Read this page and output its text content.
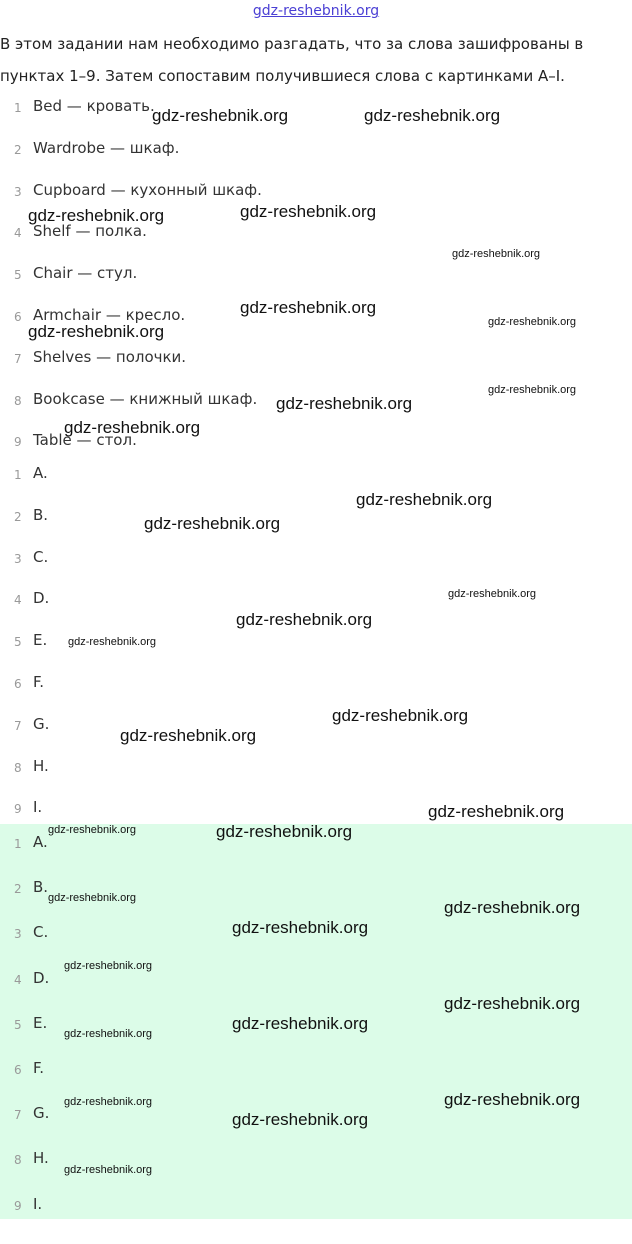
gdz-reshebnik.org
В этом задании нам необходимо разгадать, что за слова зашифрованы в пунктах 1–9. Затем сопоставим получившиеся слова с картинками A–I.
1 Bed — кровать.
2 Wardrobe — шкаф.
3 Cupboard — кухонный шкаф.
4 Shelf — полка.
5 Chair — стул.
6 Armchair — кресло.
7 Shelves — полочки.
8 Bookcase — книжный шкаф.
9 Table — стол.
1 A.
2 B.
3 C.
4 D.
5 E.
6 F.
7 G.
8 H.
9 I.
1 A.
2 B.
3 C.
4 D.
5 E.
6 F.
7 G.
8 H.
9 I.
gdz-reshebnik.org	gdz-reshebnik.org
gdz-reshebnik.org	gdz-reshebnik.org
gdz-reshebnik.org
gdz-reshebnik.org
gdz-reshebnik.org	gdz-reshebnik.org
gdz-reshebnik.org
gdz-reshebnik.org
gdz-reshebnik.org
gdz-reshebnik.org
gdz-reshebnik.org
gdz-reshebnik.org
gdz-reshebnik.org
gdz-reshebnik.org
gdz-reshebnik.org
gdz-reshebnik.org
gdz-reshebnik.org
gdz-reshebnik.org	gdz-reshebnik.org
gdz-reshebnik.org	gdz-reshebnik.org
gdz-reshebnik.org
gdz-reshebnik.org
gdz-reshebnik.org
gdz-reshebnik.org
gdz-reshebnik.org
gdz-reshebnik.org	gdz-reshebnik.org
gdz-reshebnik.org
gdz-reshebnik.org
